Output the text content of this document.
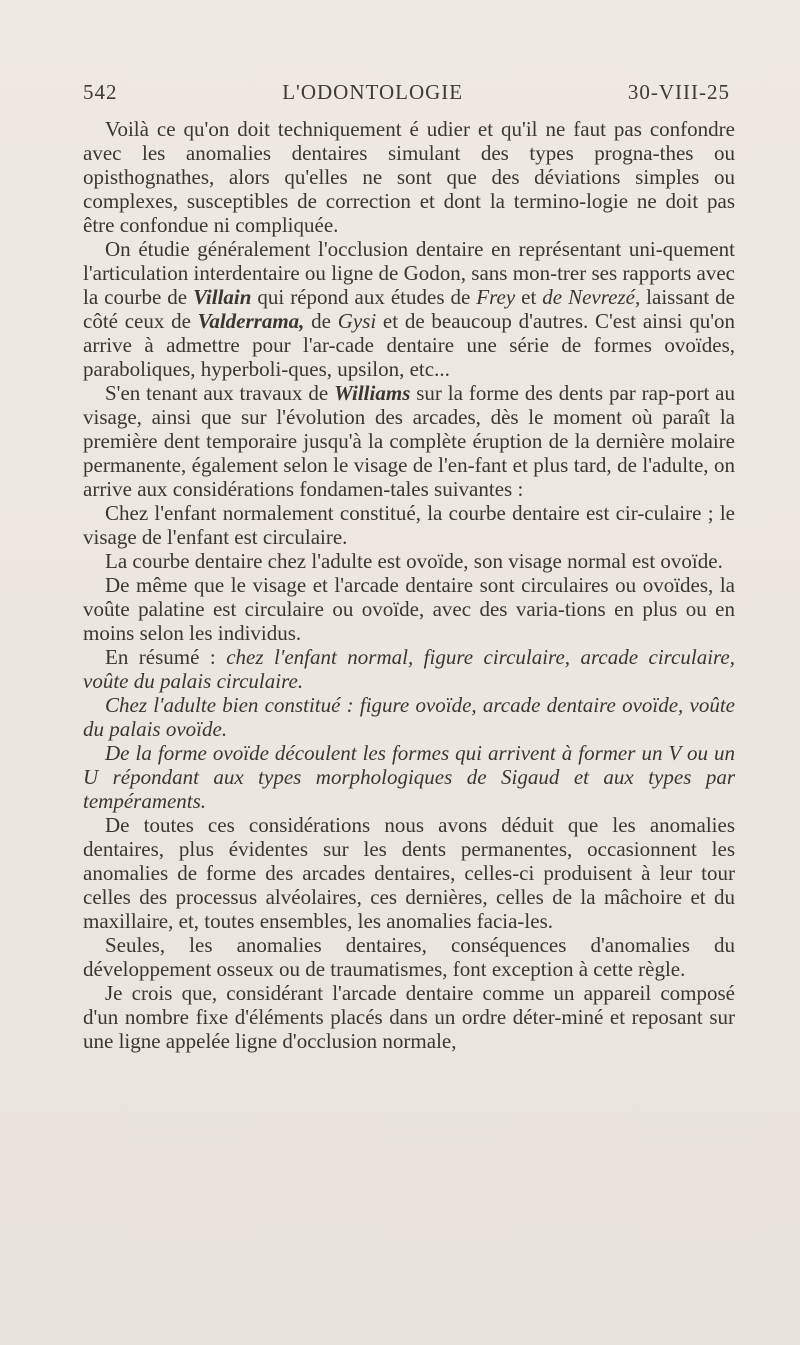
542	L'ODONTOLOGIE	30-VIII-25

Voilà ce qu'on doit techniquement é udier et qu'il ne faut pas confondre avec les anomalies dentaires simulant des types progna-thes ou opisthognathes, alors qu'elles ne sont que des déviations simples ou complexes, susceptibles de correction et dont la termino-logie ne doit pas être confondue ni compliquée.

On étudie généralement l'occlusion dentaire en représentant uni-quement l'articulation interdentaire ou ligne de Godon, sans mon-trer ses rapports avec la courbe de Villain qui répond aux études de Frey et de Nevrezé, laissant de côté ceux de Valderrama, de Gysi et de beaucoup d'autres. C'est ainsi qu'on arrive à admettre pour l'ar-cade dentaire une série de formes ovoïdes, paraboliques, hyperboli-ques, upsilon, etc...

S'en tenant aux travaux de Williams sur la forme des dents par rap-port au visage, ainsi que sur l'évolution des arcades, dès le moment où paraît la première dent temporaire jusqu'à la complète éruption de la dernière molaire permanente, également selon le visage de l'en-fant et plus tard, de l'adulte, on arrive aux considérations fondamen-tales suivantes :

Chez l'enfant normalement constitué, la courbe dentaire est cir-culaire ; le visage de l'enfant est circulaire.

La courbe dentaire chez l'adulte est ovoïde, son visage normal est ovoïde.

De même que le visage et l'arcade dentaire sont circulaires ou ovoïdes, la voûte palatine est circulaire ou ovoïde, avec des varia-tions en plus ou en moins selon les individus.

En résumé : chez l'enfant normal, figure circulaire, arcade circulaire, voûte du palais circulaire.

Chez l'adulte bien constitué : figure ovoïde, arcade dentaire ovoïde, voûte du palais ovoïde.

De la forme ovoïde découlent les formes qui arrivent à former un V ou un U répondant aux types morphologiques de Sigaud et aux types par tempéraments.

De toutes ces considérations nous avons déduit que les anomalies dentaires, plus évidentes sur les dents permanentes, occasionnent les anomalies de forme des arcades dentaires, celles-ci produisent à leur tour celles des processus alvéolaires, ces dernières, celles de la mâchoire et du maxillaire, et, toutes ensembles, les anomalies facia-les.

Seules, les anomalies dentaires, conséquences d'anomalies du développement osseux ou de traumatismes, font exception à cette règle.

Je crois que, considérant l'arcade dentaire comme un appareil composé d'un nombre fixe d'éléments placés dans un ordre déter-miné et reposant sur une ligne appelée ligne d'occlusion normale,
